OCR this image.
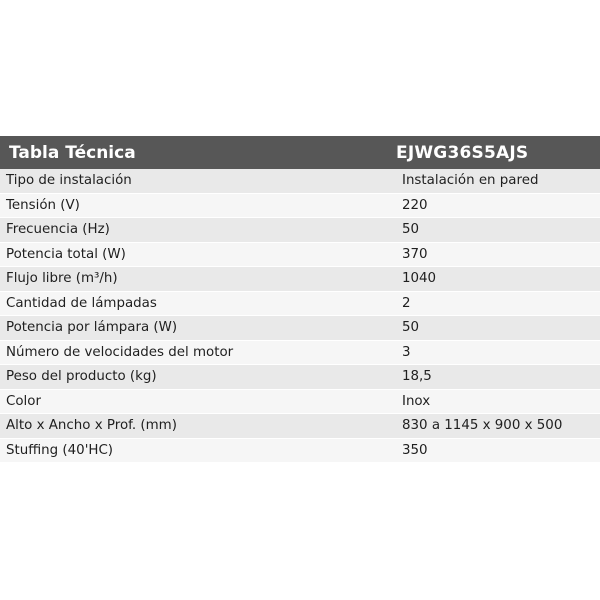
Tabla Técnica	EJWG36S5AJS
Tipo de instalación	Instalación en pared
Tensión (V)	220
Frecuencia (Hz)	50
Potencia total (W)	370
Flujo libre (m³/h)	1040
Cantidad de lámpadas	2
Potencia por lámpara (W)	50
Número de velocidades del motor	3
Peso del producto (kg)	18,5
Color	Inox
Alto x Ancho x Prof. (mm)	830 a 1145 x 900 x 500
Stuffing (40'HC)	350
